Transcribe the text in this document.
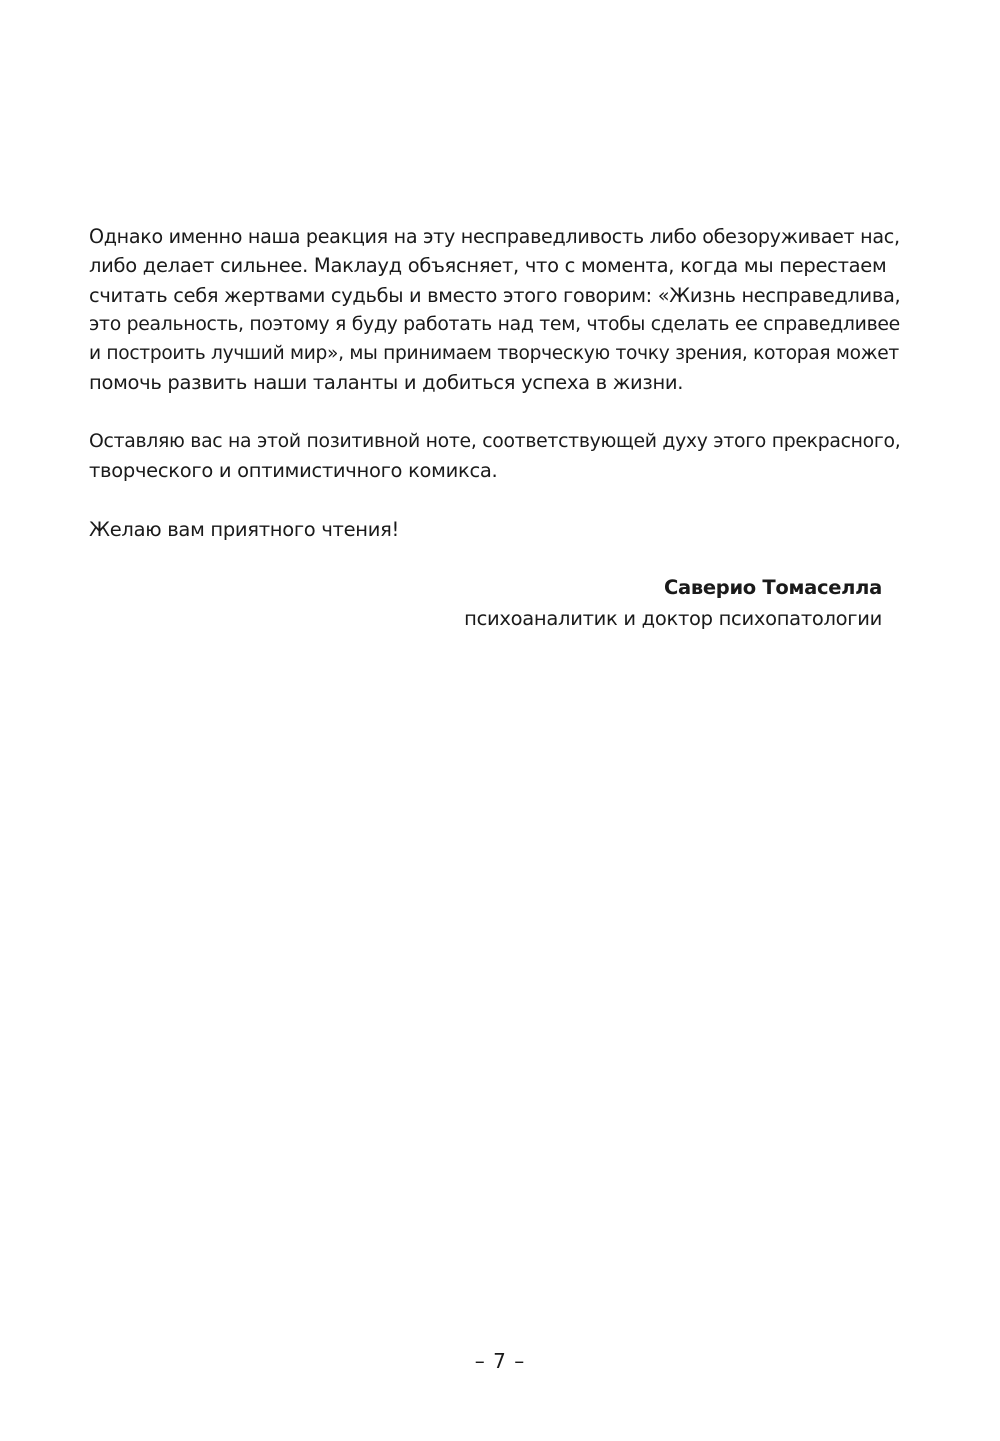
Однако именно наша реакция на эту несправедливость либо обезоруживает нас,
либо делает сильнее. Маклауд объясняет, что с момента, когда мы перестаем
считать себя жертвами судьбы и вместо этого говорим: «Жизнь несправедлива,
это реальность, поэтому я буду работать над тем, чтобы сделать ее справедливее
и построить лучший мир», мы принимаем творческую точку зрения, которая может
помочь развить наши таланты и добиться успеха в жизни.

Оставляю вас на этой позитивной ноте, соответствующей духу этого прекрасного,
творческого и оптимистичного комикса.

Желаю вам приятного чтения!

Саверио Томаселла
психоаналитик и доктор психопатологии
– 7 –
